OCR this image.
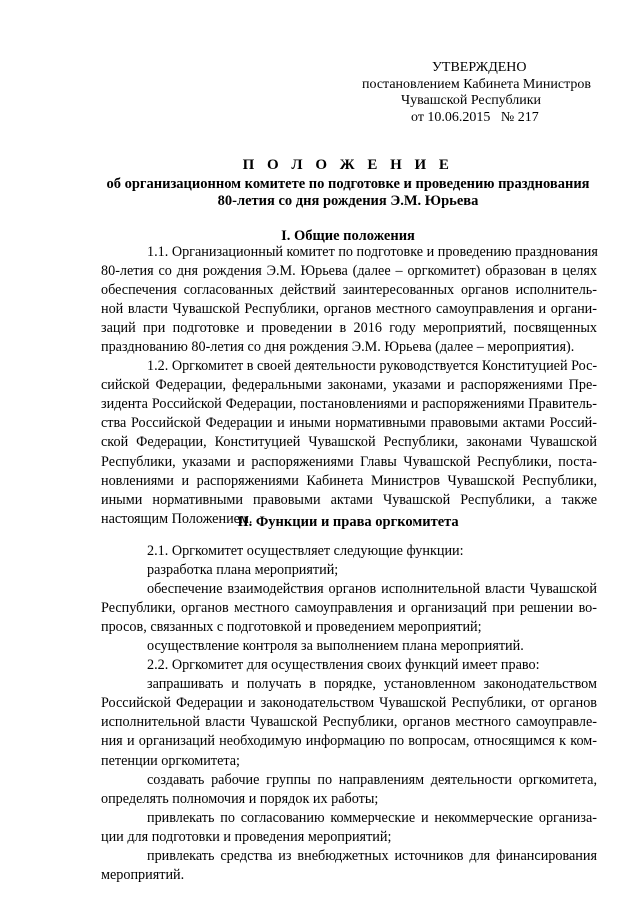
УТВЕРЖДЕНО
постановлением Кабинета Министров
Чувашской Республики
от 10.06.2015   № 217
П О Л О Ж Е Н И Е
об организационном комитете по подготовке и проведению празднования
80-летия со дня рождения Э.М. Юрьева
I. Общие положения
1.1. Организационный комитет по подготовке и проведению празднования
80-летия со дня рождения Э.М. Юрьева (далее – оргкомитет) образован в целях
обеспечения согласованных действий заинтересованных органов исполнитель-
ной власти Чувашской Республики, органов местного самоуправления и органи-
заций при подготовке и проведении в 2016 году мероприятий, посвященных
празднованию 80-летия со дня рождения Э.М. Юрьева (далее – мероприятия).
1.2. Оргкомитет в своей деятельности руководствуется Конституцией Рос-
сийской Федерации, федеральными законами, указами и распоряжениями Пре-
зидента Российской Федерации, постановлениями и распоряжениями Правитель-
ства Российской Федерации и иными нормативными правовыми актами Россий-
ской Федерации, Конституцией Чувашской Республики, законами Чувашской
Республики, указами и распоряжениями Главы Чувашской Республики, поста-
новлениями и распоряжениями Кабинета Министров Чувашской Республики,
иными нормативными правовыми актами Чувашской Республики, а также
настоящим Положением.
II. Функции и права оргкомитета
2.1. Оргкомитет осуществляет следующие функции:
разработка плана мероприятий;
обеспечение взаимодействия органов исполнительной власти Чувашской
Республики, органов местного самоуправления и организаций при решении во-
просов, связанных с подготовкой и проведением мероприятий;
осуществление контроля за выполнением плана мероприятий.
2.2. Оргкомитет для осуществления своих функций имеет право:
запрашивать и получать в порядке, установленном законодательством
Российской Федерации и законодательством Чувашской Республики, от органов
исполнительной власти Чувашской Республики, органов местного самоуправле-
ния и организаций необходимую информацию по вопросам, относящимся к ком-
петенции оргкомитета;
создавать рабочие группы по направлениям деятельности оргкомитета,
определять полномочия и порядок их работы;
привлекать по согласованию коммерческие и некоммерческие организа-
ции для подготовки и проведения мероприятий;
привлекать средства из внебюджетных источников для финансирования
мероприятий.
